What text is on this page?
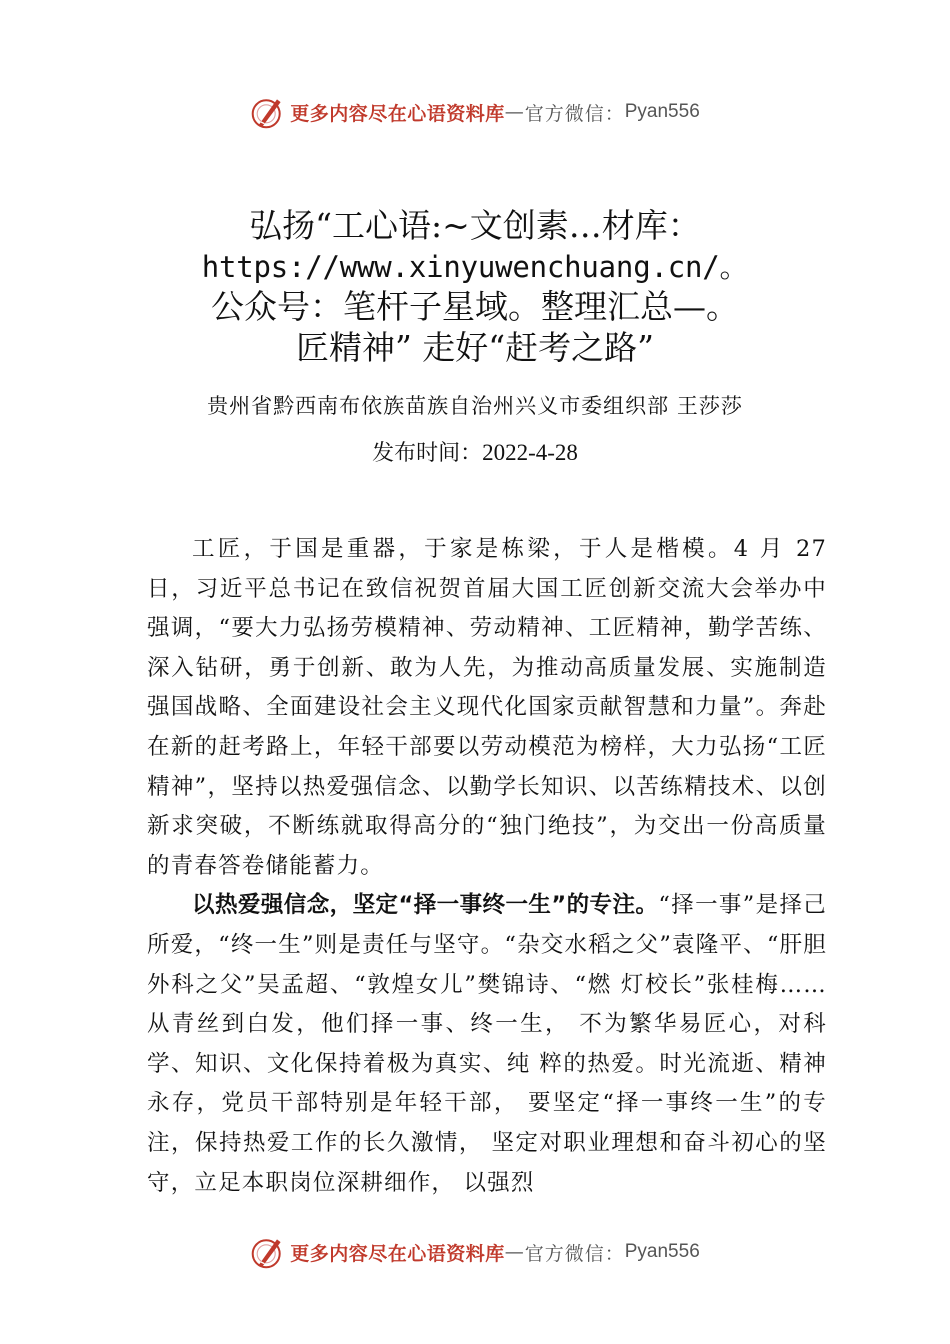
更多内容尽在心语资料库 — 官方微信： Pyan556
弘扬“工心语:~文创素…材库：
https://www.xinyuwenchuang.cn/。
公众号：笔杆子星域。整理汇总—。
匠精神” 走好“赶考之路”
贵州省黔西南布依族苗族自治州兴义市委组织部 王莎莎
发布时间：2022-4-28

工匠，于国是重器，于家是栋梁，于人是楷模。4 月 27 日，习近平总书记在致信祝贺首届大国工匠创新交流大会举办中强调，“要大力弘扬劳模精神、劳动精神、工匠精神，勤学苦练、深入钻研，勇于创新、敢为人先，为推动高质量发展、实施制造强国战略、全面建设社会主义现代化国家贡献智慧和力量”。奔赴在新的赶考路上，年轻干部要以劳动模范为榜样，大力弘扬“工匠精神”，坚持以热爱强信念、以勤学长知识、以苦练精技术、以创新求突破，不断练就取得高分的“独门绝技”，为交出一份高质量的青春答卷储能蓄力。

以热爱强信念，坚定“择一事终一生”的专注。“择一事”是择己所爱，“终一生”则是责任与坚守。“杂交水稻之父”袁隆平、“肝胆外科之父”吴孟超、“敦煌女儿”樊锦诗、“燃 灯校长”张桂梅……从青丝到白发，他们择一事、终一生， 不为繁华易匠心，对科学、知识、文化保持着极为真实、纯 粹的热爱。时光流逝、精神永存，党员干部特别是年轻干部， 要坚定“择一事终一生”的专注，保持热爱工作的长久激情， 坚定对职业理想和奋斗初心的坚守，立足本职岗位深耕细作， 以强烈

更多内容尽在心语资料库 — 官方微信： Pyan556
